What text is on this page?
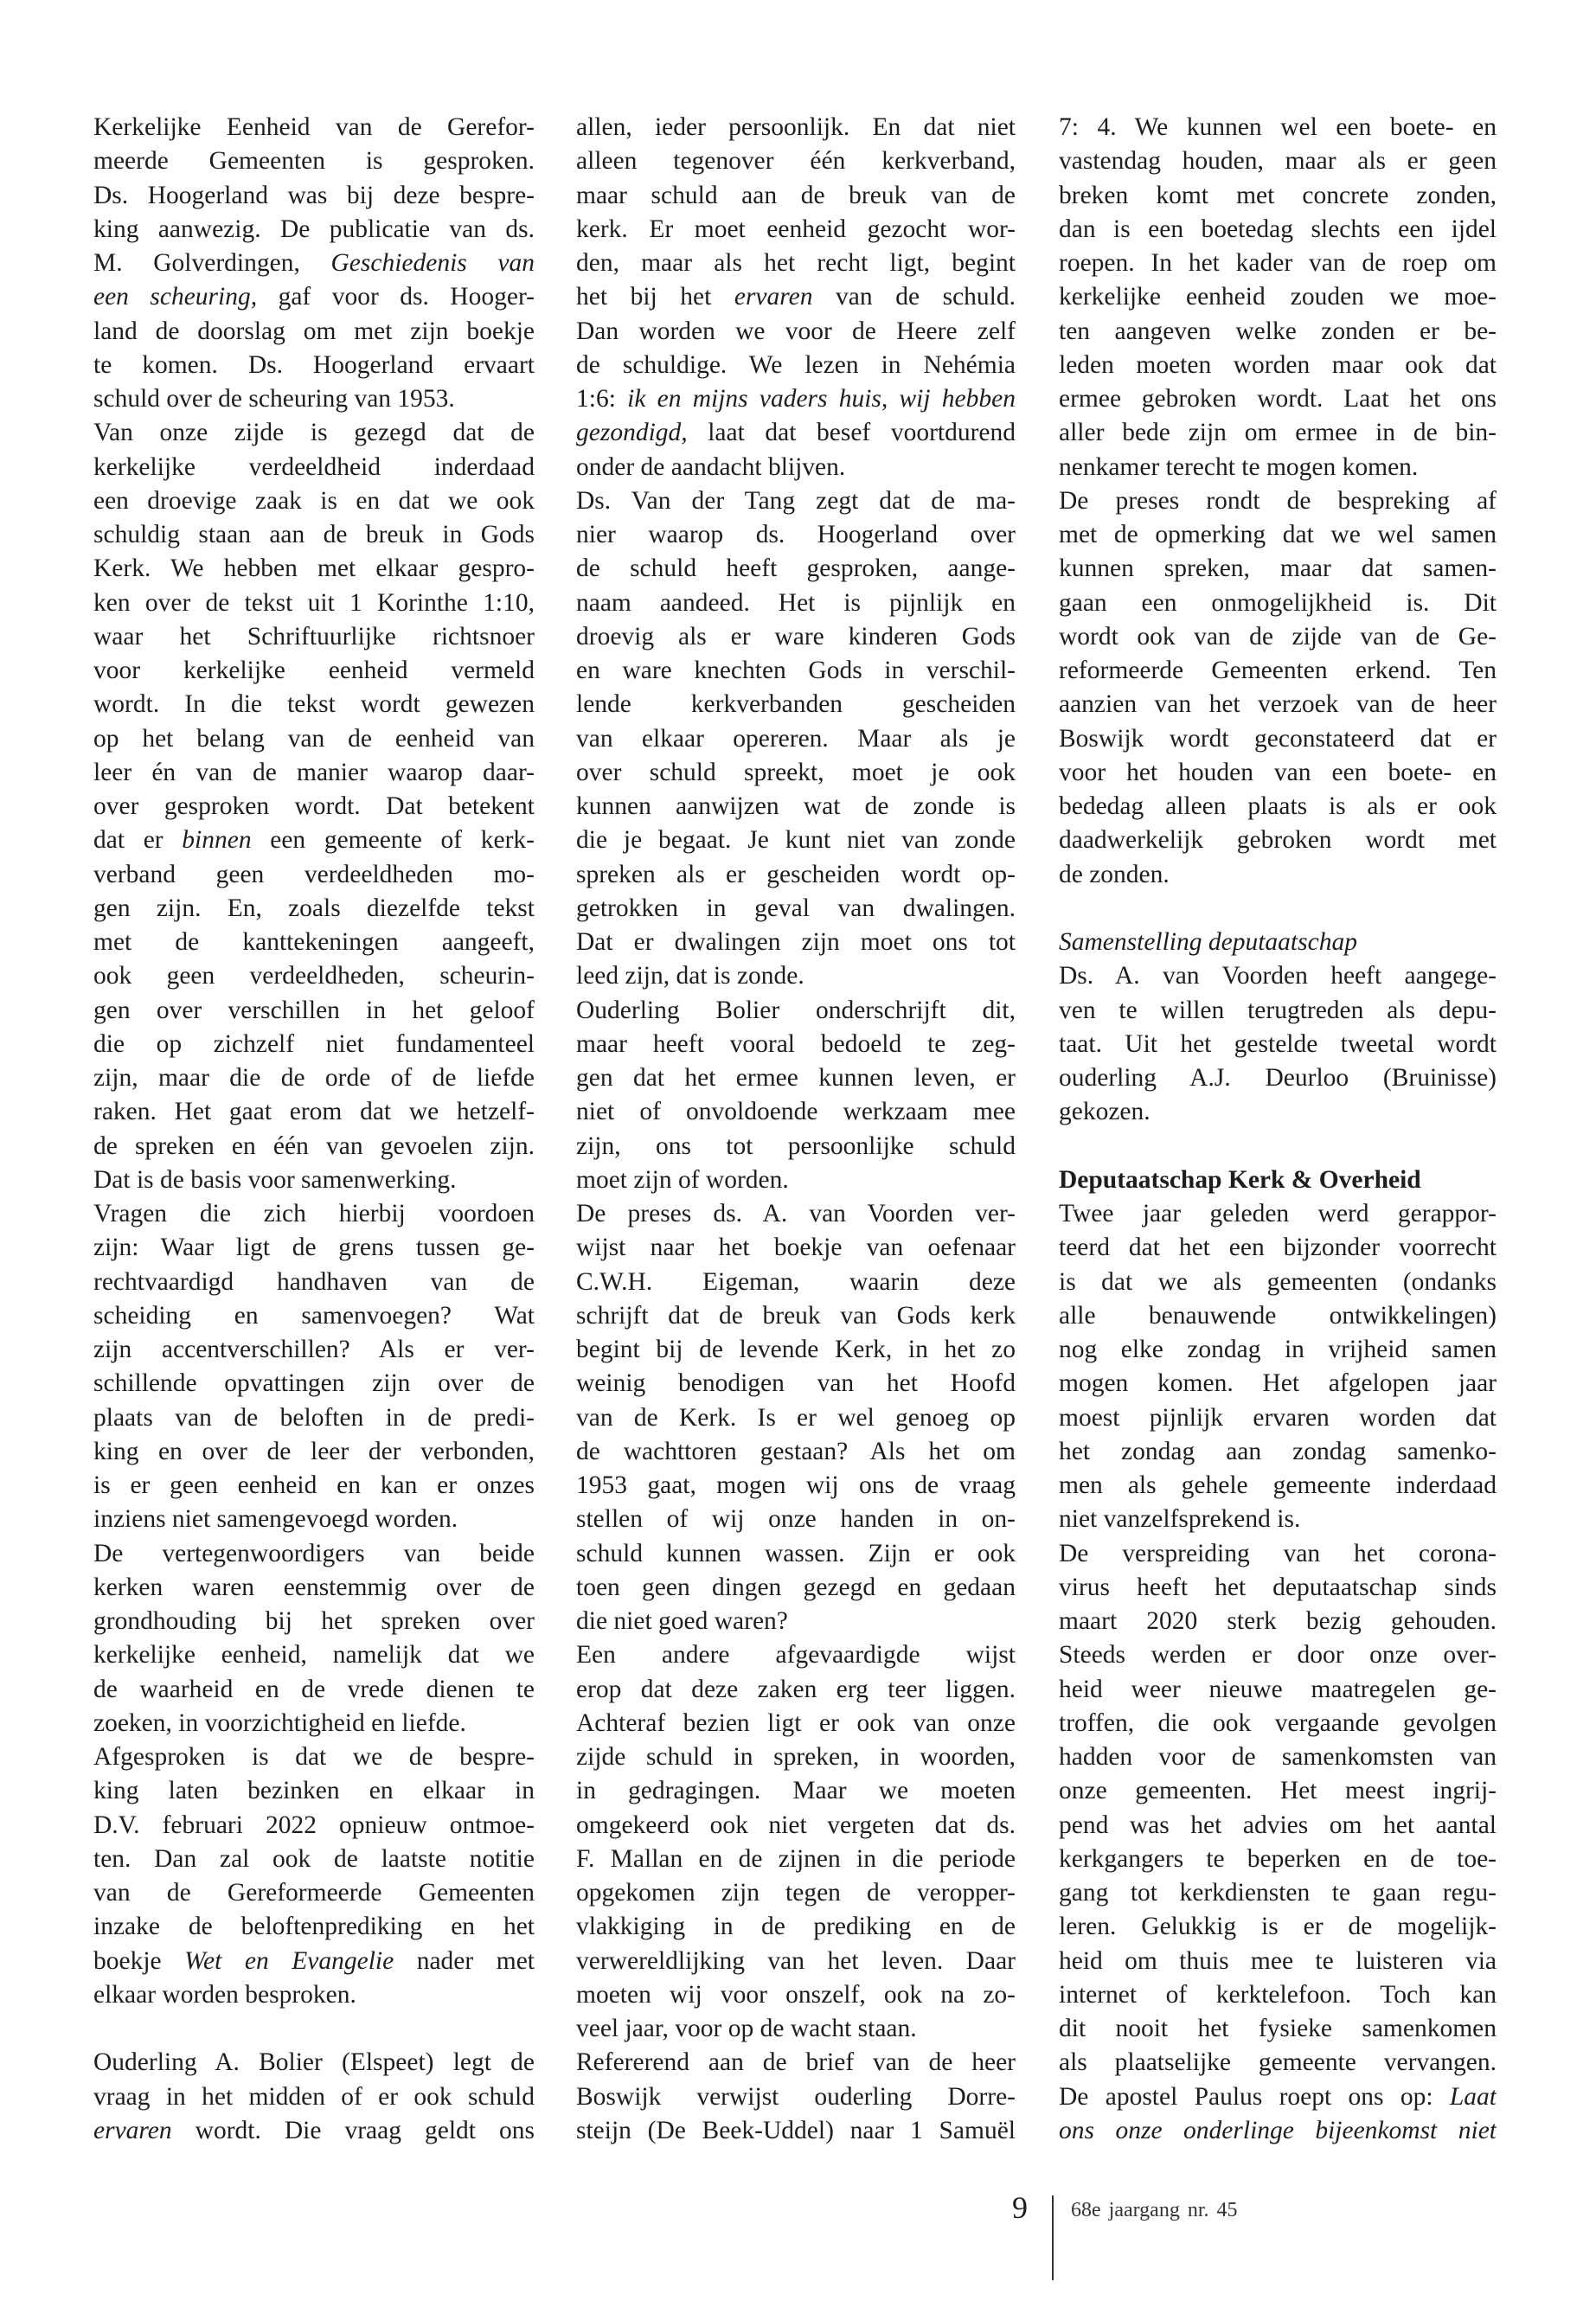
Kerkelijke Eenheid van de Gerefor-
meerde Gemeenten is gesproken.
Ds. Hoogerland was bij deze bespre-
king aanwezig. De publicatie van ds.
M. Golverdingen, Geschiedenis van
een scheuring, gaf voor ds. Hooger-
land de doorslag om met zijn boekje
te komen. Ds. Hoogerland ervaart
schuld over de scheuring van 1953.
Van onze zijde is gezegd dat de
kerkelijke verdeeldheid inderdaad
een droevige zaak is en dat we ook
schuldig staan aan de breuk in Gods
Kerk. We hebben met elkaar gespro-
ken over de tekst uit 1 Korinthe 1:10,
waar het Schriftuurlijke richtsnoer
voor kerkelijke eenheid vermeld
wordt. In die tekst wordt gewezen
op het belang van de eenheid van
leer én van de manier waarop daar-
over gesproken wordt. Dat betekent
dat er binnen een gemeente of kerk-
verband geen verdeeldheden mo-
gen zijn. En, zoals diezelfde tekst
met de kanttekeningen aangeeft,
ook geen verdeeldheden, scheurin-
gen over verschillen in het geloof
die op zichzelf niet fundamenteel
zijn, maar die de orde of de liefde
raken. Het gaat erom dat we hetzelf-
de spreken en één van gevoelen zijn.
Dat is de basis voor samenwerking.
Vragen die zich hierbij voordoen
zijn: Waar ligt de grens tussen ge-
rechtvaardigd handhaven van de
scheiding en samenvoegen? Wat
zijn accentverschillen? Als er ver-
schillende opvattingen zijn over de
plaats van de beloften in de predi-
king en over de leer der verbonden,
is er geen eenheid en kan er onzes
inziens niet samengevoegd worden.
De vertegenwoordigers van beide
kerken waren eenstemmig over de
grondhouding bij het spreken over
kerkelijke eenheid, namelijk dat we
de waarheid en de vrede dienen te
zoeken, in voorzichtigheid en liefde.
Afgesproken is dat we de bespre-
king laten bezinken en elkaar in
D.V. februari 2022 opnieuw ontmoe-
ten. Dan zal ook de laatste notitie
van de Gereformeerde Gemeenten
inzake de beloftenprediking en het
boekje Wet en Evangelie nader met
elkaar worden besproken.
Ouderling A. Bolier (Elspeet) legt de
vraag in het midden of er ook schuld
ervaren wordt. Die vraag geldt ons
allen, ieder persoonlijk. En dat niet
alleen tegenover één kerkverband,
maar schuld aan de breuk van de
kerk. Er moet eenheid gezocht wor-
den, maar als het recht ligt, begint
het bij het ervaren van de schuld.
Dan worden we voor de Heere zelf
de schuldige. We lezen in Nehémia
1:6: ik en mijns vaders huis, wij hebben
gezondigd, laat dat besef voortdurend
onder de aandacht blijven.
Ds. Van der Tang zegt dat de ma-
nier waarop ds. Hoogerland over
de schuld heeft gesproken, aange-
naam aandeed. Het is pijnlijk en
droevig als er ware kinderen Gods
en ware knechten Gods in verschil-
lende kerkverbanden gescheiden
van elkaar opereren. Maar als je
over schuld spreekt, moet je ook
kunnen aanwijzen wat de zonde is
die je begaat. Je kunt niet van zonde
spreken als er gescheiden wordt op-
getrokken in geval van dwalingen.
Dat er dwalingen zijn moet ons tot
leed zijn, dat is zonde.
Ouderling Bolier onderschrijft dit,
maar heeft vooral bedoeld te zeg-
gen dat het ermee kunnen leven, er
niet of onvoldoende werkzaam mee
zijn, ons tot persoonlijke schuld
moet zijn of worden.
De preses ds. A. van Voorden ver-
wijst naar het boekje van oefenaar
C.W.H. Eigeman, waarin deze
schrijft dat de breuk van Gods kerk
begint bij de levende Kerk, in het zo
weinig benodigen van het Hoofd
van de Kerk. Is er wel genoeg op
de wachttoren gestaan? Als het om
1953 gaat, mogen wij ons de vraag
stellen of wij onze handen in on-
schuld kunnen wassen. Zijn er ook
toen geen dingen gezegd en gedaan
die niet goed waren?
Een andere afgevaardigde wijst
erop dat deze zaken erg teer liggen.
Achteraf bezien ligt er ook van onze
zijde schuld in spreken, in woorden,
in gedragingen. Maar we moeten
omgekeerd ook niet vergeten dat ds.
F. Mallan en de zijnen in die periode
opgekomen zijn tegen de veropper-
vlakkiging in de prediking en de
verwereldlijking van het leven. Daar
moeten wij voor onszelf, ook na zo-
veel jaar, voor op de wacht staan.
Refererend aan de brief van de heer
Boswijk verwijst ouderling Dorre-
steijn (De Beek-Uddel) naar 1 Samuël
7: 4. We kunnen wel een boete- en
vastendag houden, maar als er geen
breken komt met concrete zonden,
dan is een boetedag slechts een ijdel
roepen. In het kader van de roep om
kerkelijke eenheid zouden we moe-
ten aangeven welke zonden er be-
leden moeten worden maar ook dat
ermee gebroken wordt. Laat het ons
aller bede zijn om ermee in de bin-
nenkamer terecht te mogen komen.
De preses rondt de bespreking af
met de opmerking dat we wel samen
kunnen spreken, maar dat samen-
gaan een onmogelijkheid is. Dit
wordt ook van de zijde van de Ge-
reformeerde Gemeenten erkend. Ten
aanzien van het verzoek van de heer
Boswijk wordt geconstateerd dat er
voor het houden van een boete- en
bededag alleen plaats is als er ook
daadwerkelijk gebroken wordt met
de zonden.
Samenstelling deputaatschap
Ds. A. van Voorden heeft aangege-
ven te willen terugtreden als depu-
taat. Uit het gestelde tweetal wordt
ouderling A.J. Deurloo (Bruinisse)
gekozen.
Deputaatschap Kerk & Overheid
Twee jaar geleden werd gerappor-
teerd dat het een bijzonder voorrecht
is dat we als gemeenten (ondanks
alle benauwende ontwikkelingen)
nog elke zondag in vrijheid samen
mogen komen. Het afgelopen jaar
moest pijnlijk ervaren worden dat
het zondag aan zondag samenko-
men als gehele gemeente inderdaad
niet vanzelfsprekend is.
De verspreiding van het corona-
virus heeft het deputaatschap sinds
maart 2020 sterk bezig gehouden.
Steeds werden er door onze over-
heid weer nieuwe maatregelen ge-
troffen, die ook vergaande gevolgen
hadden voor de samenkomsten van
onze gemeenten. Het meest ingrij-
pend was het advies om het aantal
kerkgangers te beperken en de toe-
gang tot kerkdiensten te gaan regu-
leren. Gelukkig is er de mogelijk-
heid om thuis mee te luisteren via
internet of kerktelefoon. Toch kan
dit nooit het fysieke samenkomen
als plaatselijke gemeente vervangen.
De apostel Paulus roept ons op: Laat
ons onze onderlinge bijeenkomst niet
9 68e jaargang nr. 45
